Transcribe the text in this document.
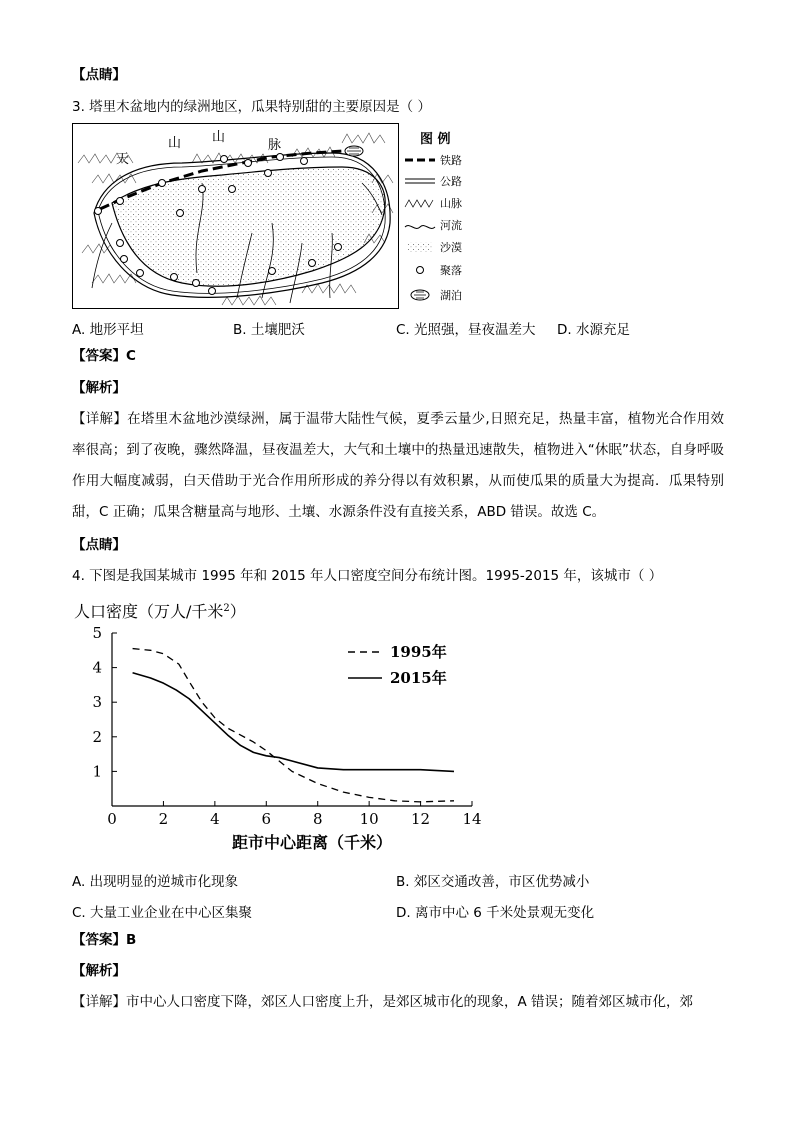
【点睛】
3. 塔里木盆地内的绿洲地区，瓜果特别甜的主要原因是（ ）
天
山 山
脉	图 例
铁路
公路
山脉
河流
沙漠
聚落
湖泊
A. 地形平坦	B. 土壤肥沃	C. 光照强，昼夜温差大 D. 水源充足
【答案】C
【解析】
【详解】在塔里木盆地沙漠绿洲，属于温带大陆性气候，夏季云量少,日照充足，热量丰富，植物光合作用效率很高；到了夜晚，骤然降温，昼夜温差大，大气和土壤中的热量迅速散失，植物进入“休眠”状态，自身呼吸作用大幅度减弱，白天借助于光合作用所形成的养分得以有效积累，从而使瓜果的质量大为提高．瓜果特别甜，C 正确；瓜果含糖量高与地形、土壤、水源条件没有直接关系，ABD 错误。故选 C。
【点睛】
4. 下图是我国某城市 1995 年和 2015 年人口密度空间分布统计图。1995-2015 年，该城市（ ）
人口密度（万人/千米$^2$）
0	2	4	6	8 10 12 14
1
2
3
4
5
1995年
2015年
距市中心距离（千米）
A. 出现明显的逆城市化现象	B. 郊区交通改善，市区优势减小
C. 大量工业企业在中心区集聚	D. 离市中心 6 千米处景观无变化
【答案】B
【解析】
【详解】市中心人口密度下降，郊区人口密度上升，是郊区城市化的现象，A 错误；随着郊区城市化，郊
